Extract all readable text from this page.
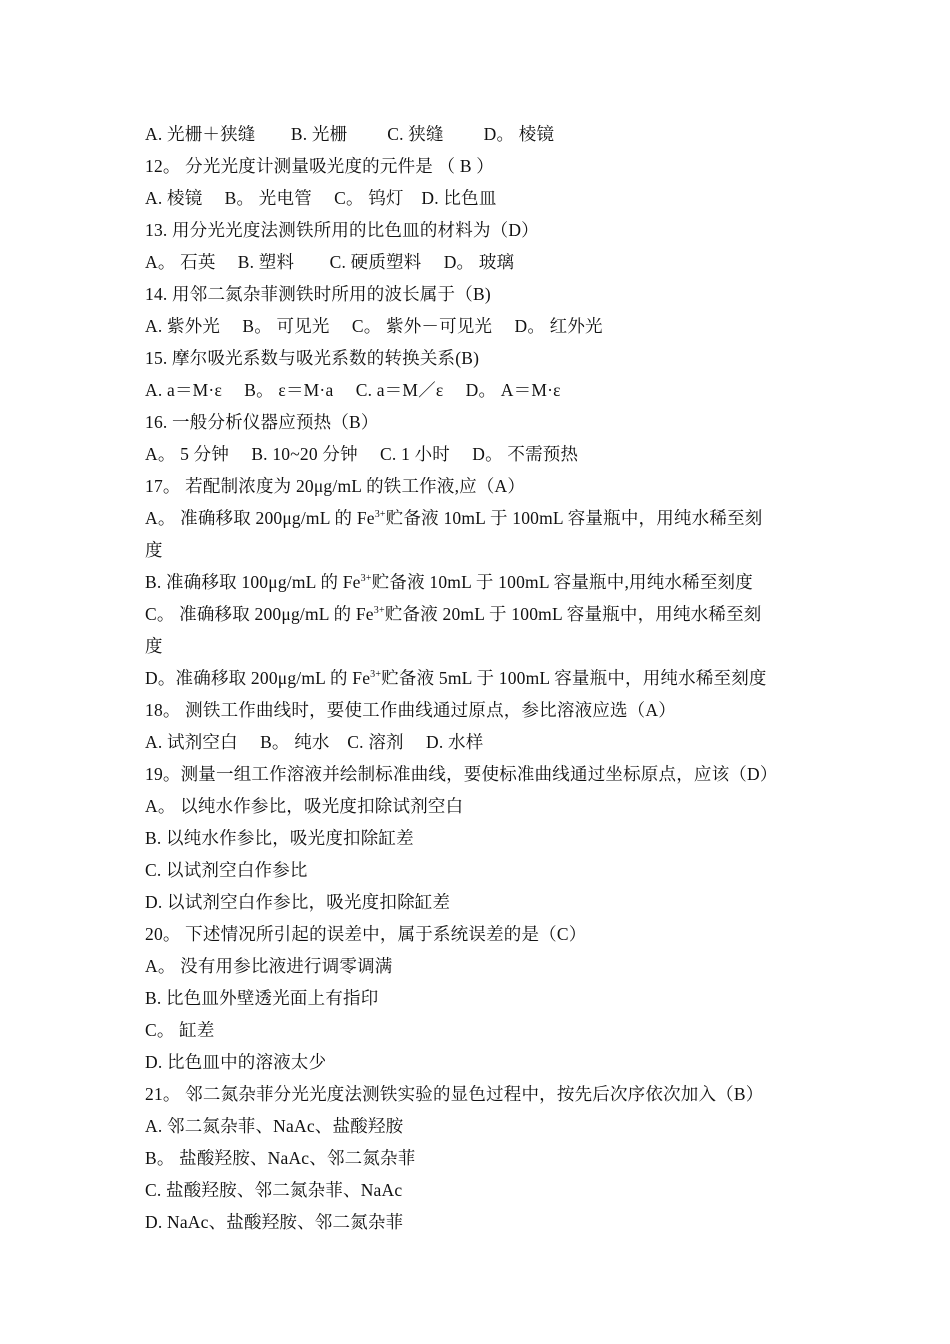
A. 光栅＋狭缝　　B. 光栅　　 C. 狭缝　　 D。 棱镜
12。 分光光度计测量吸光度的元件是 （ B ）
A. 棱镜　 B。 光电管　 C。 钨灯　D. 比色皿
13. 用分光光度法测铁所用的比色皿的材料为（D）
A。 石英　 B. 塑料　　C. 硬质塑料　 D。 玻璃
14. 用邻二氮杂菲测铁时所用的波长属于（B)
A. 紫外光　 B。 可见光　 C。 紫外－可见光　 D。 红外光
15. 摩尔吸光系数与吸光系数的转换关系(B)
A. a＝M·ε　 B。 ε＝M·a　 C. a＝M／ε　 D。 A＝M·ε
16. 一般分析仪器应预热（B）
A。 5 分钟　 B. 10~20 分钟　 C. 1 小时　 D。 不需预热
17。 若配制浓度为 20μg/mL 的铁工作液,应（A）
A。 准确移取 200μg/mL 的 $Fe^{3+}$贮备液 10mL 于 100mL 容量瓶中，用纯水稀至刻
度
B. 准确移取 100μg/mL 的 $Fe^{3+}$贮备液 10mL 于 100mL 容量瓶中,用纯水稀至刻度
C。 准确移取 200μg/mL 的 $Fe^{3+}$贮备液 20mL 于 100mL 容量瓶中，用纯水稀至刻
度
D。准确移取 200μg/mL 的 $Fe^{3+}$贮备液 5mL 于 100mL 容量瓶中，用纯水稀至刻度
18。 测铁工作曲线时，要使工作曲线通过原点，参比溶液应选（A）
A. 试剂空白　 B。 纯水　C. 溶剂　 D. 水样
19。测量一组工作溶液并绘制标准曲线，要使标准曲线通过坐标原点，应该（D）
A。 以纯水作参比，吸光度扣除试剂空白
B. 以纯水作参比，吸光度扣除缸差
C. 以试剂空白作参比
D. 以试剂空白作参比，吸光度扣除缸差
20。 下述情况所引起的误差中，属于系统误差的是（C）
A。 没有用参比液进行调零调满
B. 比色皿外壁透光面上有指印
C。 缸差
D. 比色皿中的溶液太少
21。 邻二氮杂菲分光光度法测铁实验的显色过程中，按先后次序依次加入（B）
A. 邻二氮杂菲、NaAc、盐酸羟胺
B。 盐酸羟胺、NaAc、邻二氮杂菲
C. 盐酸羟胺、邻二氮杂菲、NaAc
D. NaAc、盐酸羟胺、邻二氮杂菲
